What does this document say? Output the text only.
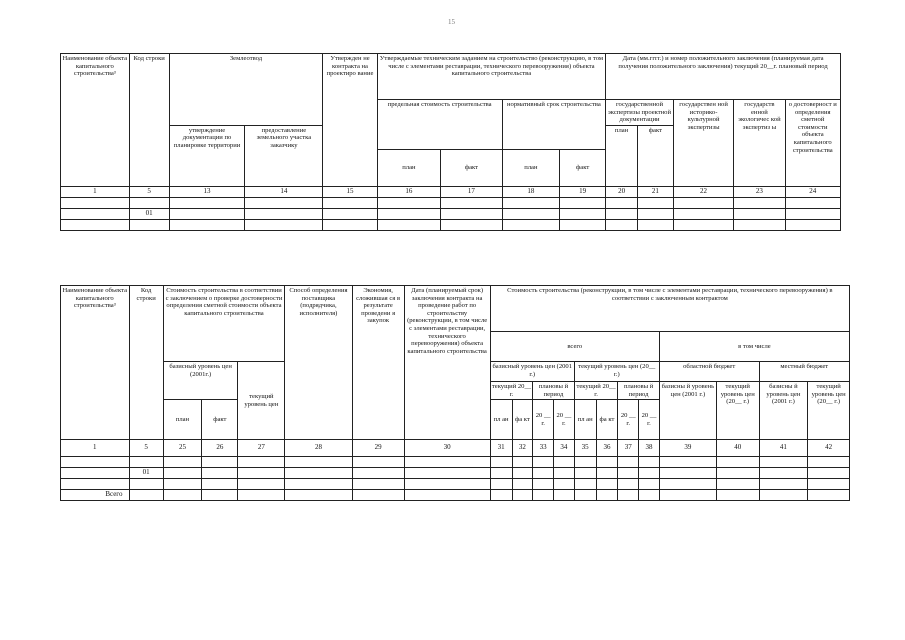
15
Наименование объекта капитального строительства³	Код строки	Землеотвод		Утвержден не контракта на проектиро вание	Утверждаемые техническим заданием на строительство (реконструкцию, в том числе с элементами реставрации, технического перевооружения) объекта капитального строительства				Дата (мм.гггг.) и номер положительного заключения (планируемая дата получения положительного заключения) текущий 20__г. плановый период				
					предельная стоимость строительства		нормативный срок строительства		государственной экспертизы проектной документации		государствен ной историко-культурной экспертизы	государств енной экологичес кой экспертиз ы	о достоверност и определения сметной стоимости объекта капитального строительства
		утверждение документации по планировке территории	предоставление земельного участка заказчику						план	факт			
					план	факт	план	факт					
1	5	13	14	15	16	17	18	19	20	21	22	23	24

	01												

Наименование объекта капитального строительства³	Код строки	Стоимость строительства в соответствии с заключением о проверке достоверности определения сметной стоимости объекта капитального строительства			Способ определения поставщика (подрядчика, исполнителя)	Экономия, сложившая ся в результате проведени я закупок	Дата (планируемый срок) заключения контракта на проведение работ по строительству (реконструкции, в том числе с элементами реставрации, технического перевооружения) объекта капитального строительства	Стоимость строительства (реконструкции, в том числе с элементами реставрации, технического перевооружения) в соответствии с заключенным контрактом											
								всего								в том числе			
		базисный уровень цен (2001г.)		текущий уровень цен				базисный уровень цен (2001 г.)				текущий уровень цен (20__ г.)				областной бюджет		местный бюджет	
								текущий 20__ г.		плановы й период		текущий 20__ г.		плановы й период		базисны й уровень цен (2001 г.)	текущий уровень цен (20__ г.)	базисны й уровень цен (2001 г.)	текущий уровень цен (20__ г.)
		план	факт					пл ан	фа кт	20 __ г.	20 __ г.	пл ан	фа кт	20 __ г.	20 __ г.				
1	5	25	26	27	28	29	30	31	32	33	34	35	36	37	38	39	40	41	42

	01																		

Всего																			
